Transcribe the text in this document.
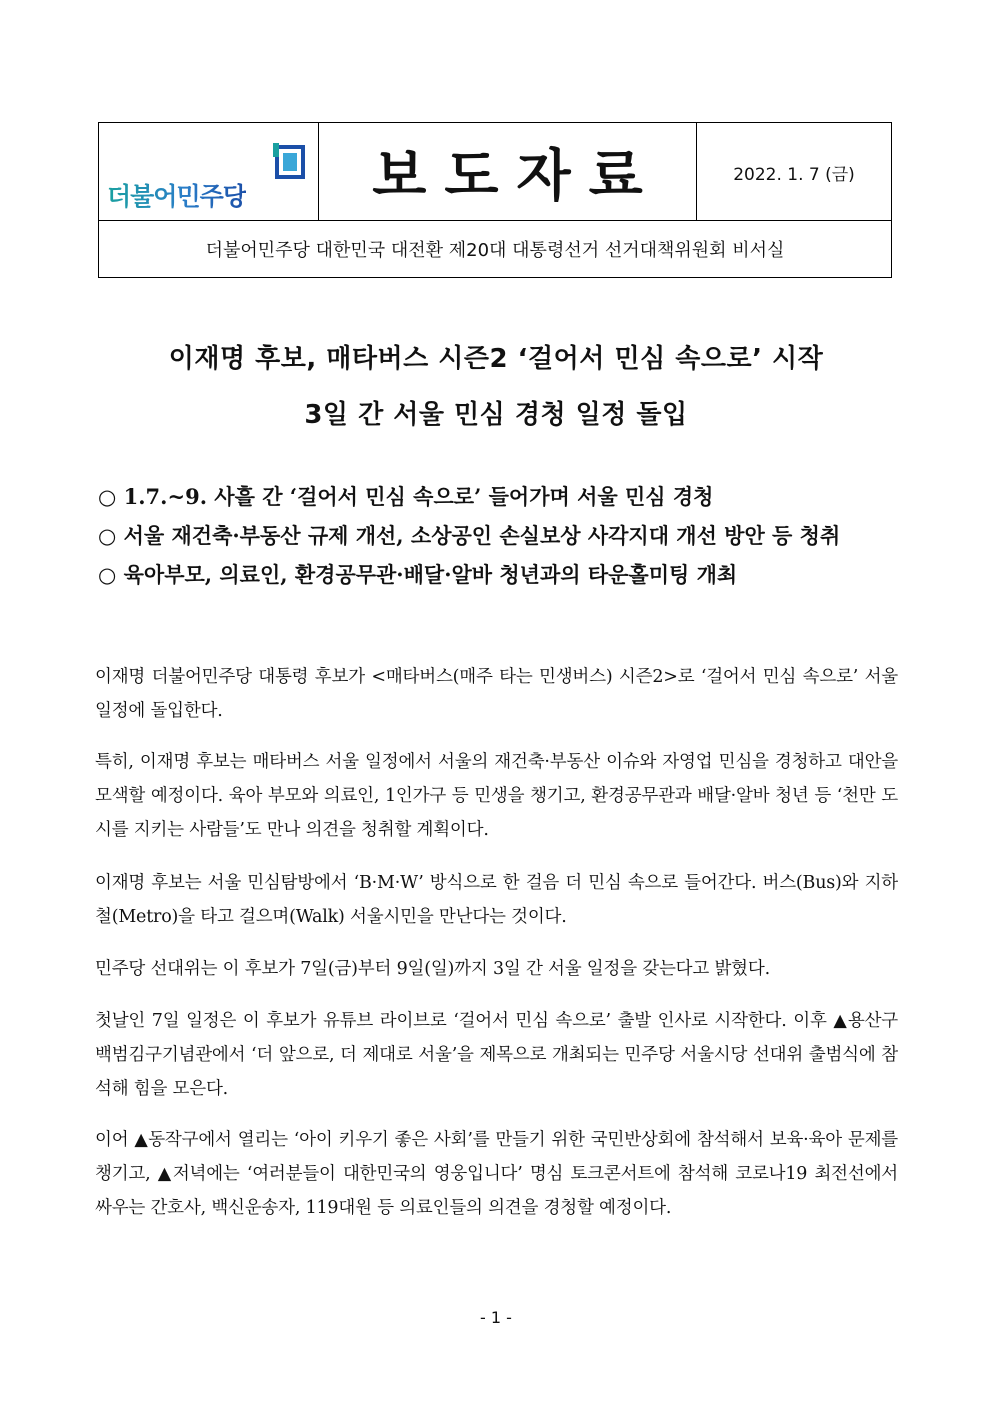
더불어민주당	보도자료	2022. 1. 7 (금)
더불어민주당 대한민국 대전환 제20대 대통령선거 선거대책위원회 비서실
이재명 후보, 매타버스 시즌2 ‘걸어서 민심 속으로’ 시작
3일 간 서울 민심 경청 일정 돌입
○ 1.7.~9. 사흘 간 ‘걸어서 민심 속으로’ 들어가며 서울 민심 경청
○ 서울 재건축·부동산 규제 개선, 소상공인 손실보상 사각지대 개선 방안 등 청취
○ 육아부모, 의료인, 환경공무관·배달·알바 청년과의 타운홀미팅 개최

이재명 더불어민주당 대통령 후보가 <매타버스(매주 타는 민생버스) 시즌2>로 ‘걸어서 민심 속으로’ 서울 일정에 돌입한다.

특히, 이재명 후보는 매타버스 서울 일정에서 서울의 재건축·부동산 이슈와 자영업 민심을 경청하고 대안을 모색할 예정이다. 육아 부모와 의료인, 1인가구 등 민생을 챙기고, 환경공무관과 배달·알바 청년 등 ‘천만 도시를 지키는 사람들’도 만나 의견을 청취할 계획이다.

이재명 후보는 서울 민심탐방에서 ‘B·M·W’ 방식으로 한 걸음 더 민심 속으로 들어간다. 버스(Bus)와 지하철(Metro)을 타고 걸으며(Walk) 서울시민을 만난다는 것이다.

민주당 선대위는 이 후보가 7일(금)부터 9일(일)까지 3일 간 서울 일정을 갖는다고 밝혔다.

첫날인 7일 일정은 이 후보가 유튜브 라이브로 ‘걸어서 민심 속으로’ 출발 인사로 시작한다. 이후 ▲용산구 백범김구기념관에서 ‘더 앞으로, 더 제대로 서울’을 제목으로 개최되는 민주당 서울시당 선대위 출범식에 참석해 힘을 모은다.

이어 ▲동작구에서 열리는 ‘아이 키우기 좋은 사회’를 만들기 위한 국민반상회에 참석해서 보육·육아 문제를 챙기고, ▲저녁에는 ‘여러분들이 대한민국의 영웅입니다’ 명심 토크콘서트에 참석해 코로나19 최전선에서 싸우는 간호사, 백신운송자, 119대원 등 의료인들의 의견을 경청할 예정이다.

- 1 -
